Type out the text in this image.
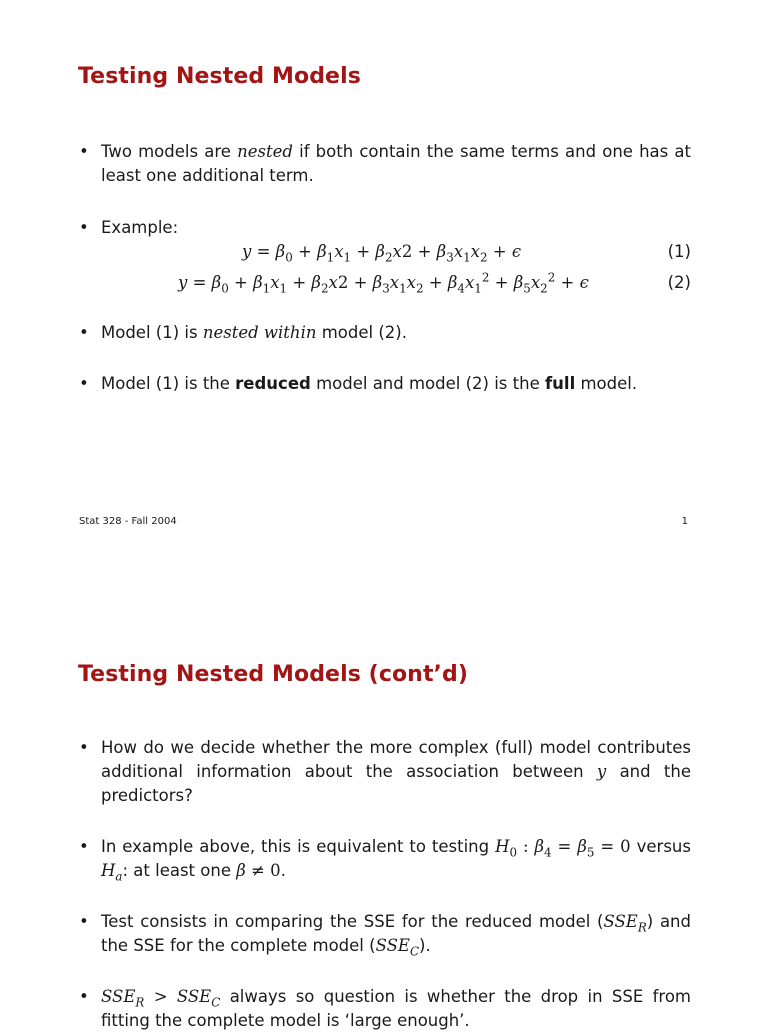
Testing Nested Models
• Two models are nested if both contain the same terms and one has at least one additional term.
• Example:
$y = \beta_0 + \beta_1x_1 + \beta_2x2 + \beta_3x_1x_2 + \epsilon$	(1)
$y = \beta_0 + \beta_1x_1 + \beta_2x2 + \beta_3x_1x_2 + \beta_4x_1^2 + \beta_5x_2^2 + \epsilon$	(2)
• Model (1) is nested within model (2).
• Model (1) is the reduced model and model (2) is the full model.
Stat 328 - Fall 2004	1
Testing Nested Models (cont’d)
• How do we decide whether the more complex (full) model contributes additional information about the association between y and the predictors?
• In example above, this is equivalent to testing $H_0$ : $\beta_4 = \beta_5 = 0$ versus $H_a$: at least one β ≠ 0.
• Test consists in comparing the SSE for the reduced model $(SSE_R)$ and the SSE for the complete model $(SSE_C)$.
• $SSE_R > SSE_C$ always so question is whether the drop in SSE from fitting the complete model is ‘large enough’.
